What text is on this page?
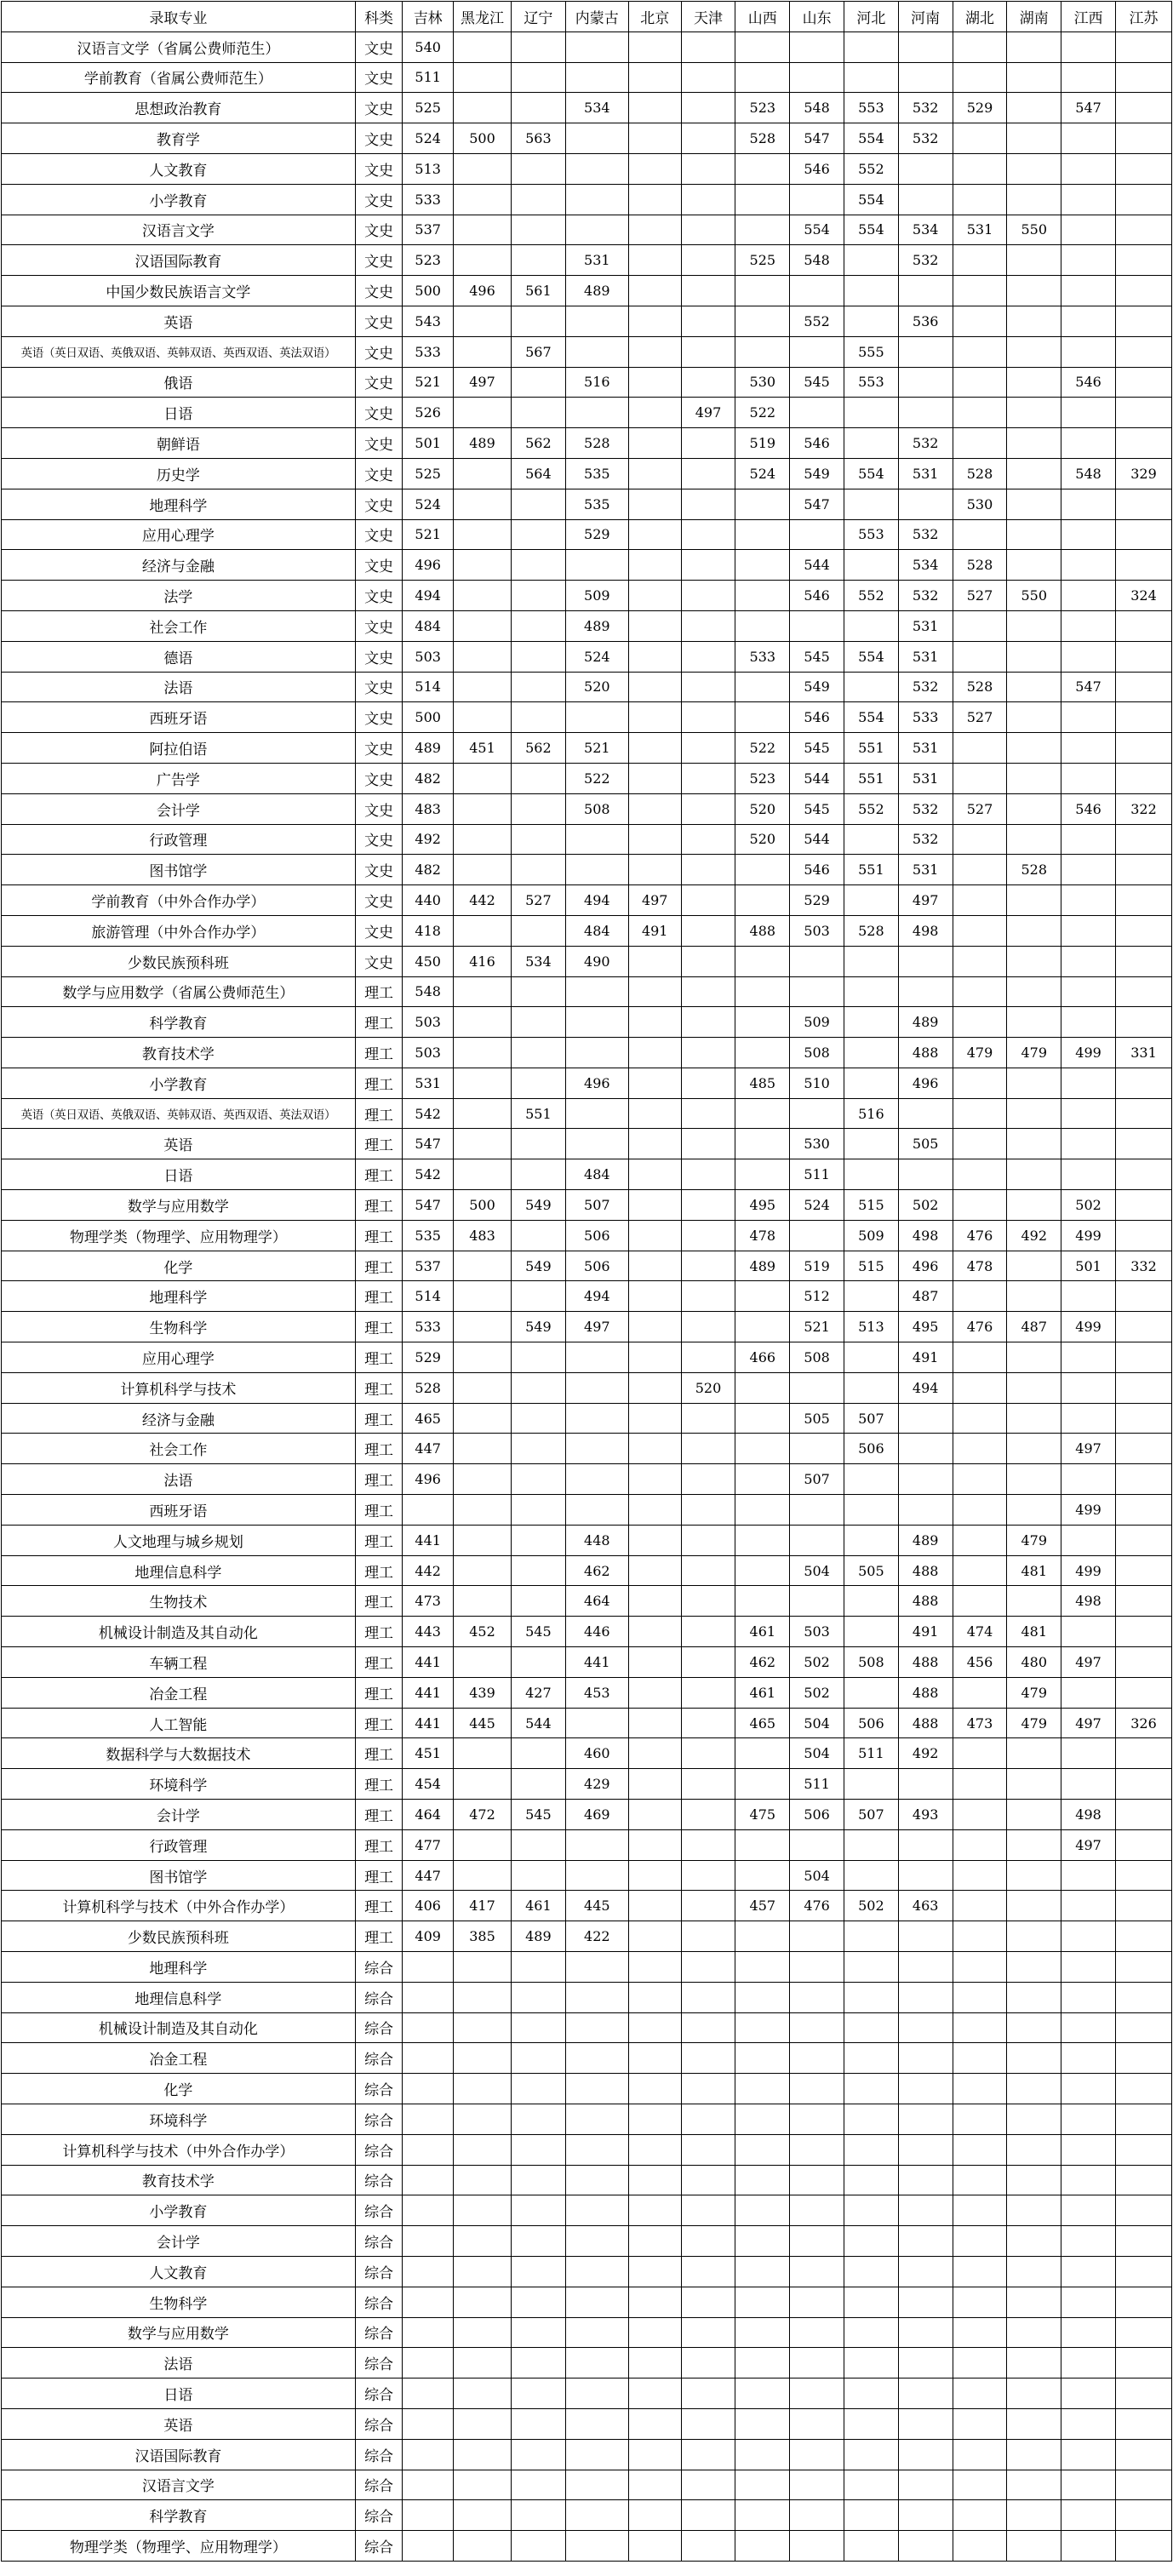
录取专业	科类	吉林	黑龙江	辽宁	内蒙古	北京	天津	山西	山东	河北	河南	湖北	湖南	江西	江苏
汉语言文学（省属公费师范生）	文史	540													
学前教育（省属公费师范生）	文史	511													
思想政治教育	文史	525			534			523	548	553	532	529		547	
教育学	文史	524	500	563				528	547	554	532				
人文教育	文史	513							546	552					
小学教育	文史	533								554					
汉语言文学	文史	537							554	554	534	531	550		
汉语国际教育	文史	523			531			525	548		532				
中国少数民族语言文学	文史	500	496	561	489										
英语	文史	543							552		536				
英语（英日双语、英俄双语、英韩双语、英西双语、英法双语）	文史	533		567						555					
俄语	文史	521	497		516			530	545	553				546	
日语	文史	526					497	522							
朝鲜语	文史	501	489	562	528			519	546		532				
历史学	文史	525		564	535			524	549	554	531	528		548	329
地理科学	文史	524			535				547			530			
应用心理学	文史	521			529					553	532				
经济与金融	文史	496							544		534	528			
法学	文史	494			509				546	552	532	527	550		324
社会工作	文史	484			489						531				
德语	文史	503			524			533	545	554	531				
法语	文史	514			520				549		532	528		547	
西班牙语	文史	500							546	554	533	527			
阿拉伯语	文史	489	451	562	521			522	545	551	531				
广告学	文史	482			522			523	544	551	531				
会计学	文史	483			508			520	545	552	532	527		546	322
行政管理	文史	492						520	544		532				
图书馆学	文史	482							546	551	531		528		
学前教育（中外合作办学）	文史	440	442	527	494	497			529		497				
旅游管理（中外合作办学）	文史	418			484	491		488	503	528	498				
少数民族预科班	文史	450	416	534	490										
数学与应用数学（省属公费师范生）	理工	548													
科学教育	理工	503							509		489				
教育技术学	理工	503							508		488	479	479	499	331
小学教育	理工	531			496			485	510		496				
英语（英日双语、英俄双语、英韩双语、英西双语、英法双语）	理工	542		551						516					
英语	理工	547							530		505				
日语	理工	542			484				511						
数学与应用数学	理工	547	500	549	507			495	524	515	502			502	
物理学类（物理学、应用物理学）	理工	535	483		506			478		509	498	476	492	499	
化学	理工	537		549	506			489	519	515	496	478		501	332
地理科学	理工	514			494				512		487				
生物科学	理工	533		549	497				521	513	495	476	487	499	
应用心理学	理工	529						466	508		491				
计算机科学与技术	理工	528					520				494				
经济与金融	理工	465							505	507					
社会工作	理工	447								506				497	
法语	理工	496							507						
西班牙语	理工													499	
人文地理与城乡规划	理工	441			448						489		479		
地理信息科学	理工	442			462				504	505	488		481	499	
生物技术	理工	473			464						488			498	
机械设计制造及其自动化	理工	443	452	545	446			461	503		491	474	481		
车辆工程	理工	441			441			462	502	508	488	456	480	497	
冶金工程	理工	441	439	427	453			461	502		488		479		
人工智能	理工	441	445	544				465	504	506	488	473	479	497	326
数据科学与大数据技术	理工	451			460				504	511	492				
环境科学	理工	454			429				511						
会计学	理工	464	472	545	469			475	506	507	493			498	
行政管理	理工	477												497	
图书馆学	理工	447							504						
计算机科学与技术（中外合作办学）	理工	406	417	461	445			457	476	502	463				
少数民族预科班	理工	409	385	489	422										
地理科学	综合														
地理信息科学	综合														
机械设计制造及其自动化	综合														
冶金工程	综合														
化学	综合														
环境科学	综合														
计算机科学与技术（中外合作办学）	综合														
教育技术学	综合														
小学教育	综合														
会计学	综合														
人文教育	综合														
生物科学	综合														
数学与应用数学	综合														
法语	综合														
日语	综合														
英语	综合														
汉语国际教育	综合														
汉语言文学	综合														
科学教育	综合														
物理学类（物理学、应用物理学）	综合														
